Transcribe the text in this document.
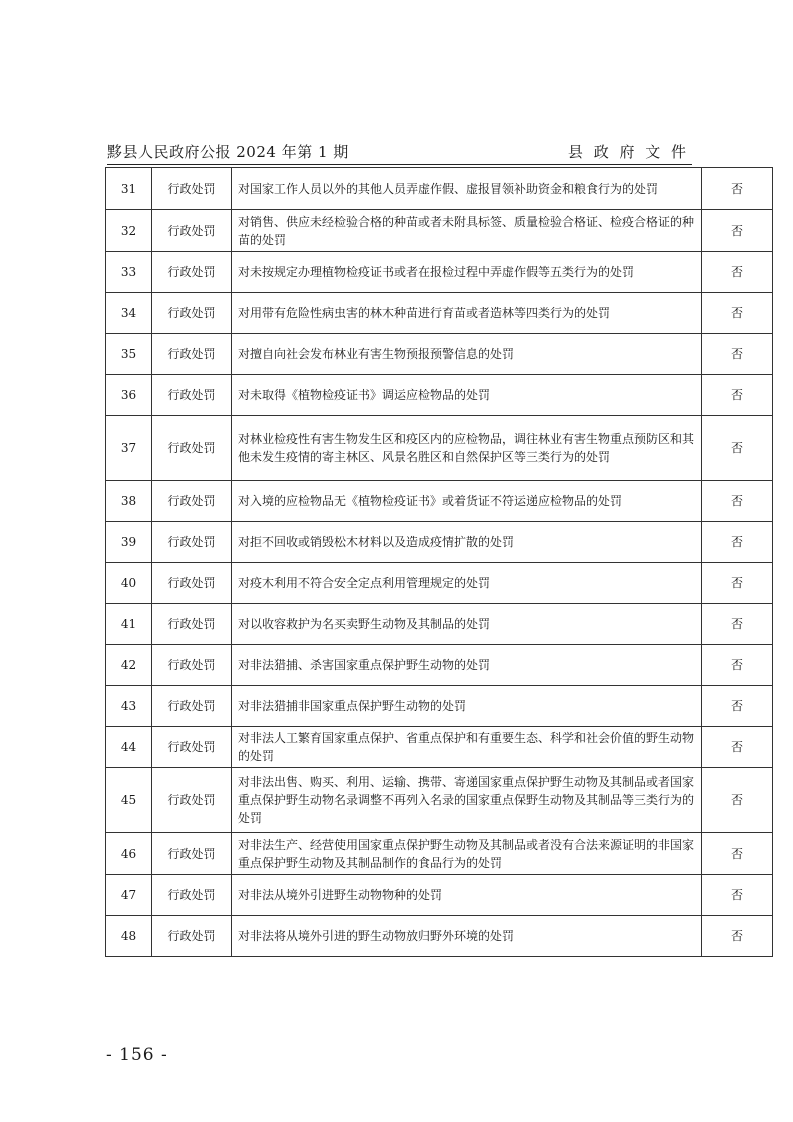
黟县人民政府公报 2024 年第 1 期	县 政 府 文 件
31	行政处罚	对国家工作人员以外的其他人员弄虚作假、虚报冒领补助资金和粮食行为的处罚	否
32	行政处罚	对销售、供应未经检验合格的种苗或者未附具标签、质量检验合格证、检疫合格证的种苗的处罚	否
33	行政处罚	对未按规定办理植物检疫证书或者在报检过程中弄虚作假等五类行为的处罚	否
34	行政处罚	对用带有危险性病虫害的林木种苗进行育苗或者造林等四类行为的处罚	否
35	行政处罚	对擅自向社会发布林业有害生物预报预警信息的处罚	否
36	行政处罚	对未取得《植物检疫证书》调运应检物品的处罚	否
37	行政处罚	对林业检疫性有害生物发生区和疫区内的应检物品，调往林业有害生物重点预防区和其他未发生疫情的寄主林区、风景名胜区和自然保护区等三类行为的处罚	否
38	行政处罚	对入境的应检物品无《植物检疫证书》或着货证不符运递应检物品的处罚	否
39	行政处罚	对拒不回收或销毁松木材料以及造成疫情扩散的处罚	否
40	行政处罚	对疫木利用不符合安全定点利用管理规定的处罚	否
41	行政处罚	对以收容救护为名买卖野生动物及其制品的处罚	否
42	行政处罚	对非法猎捕、杀害国家重点保护野生动物的处罚	否
43	行政处罚	对非法猎捕非国家重点保护野生动物的处罚	否
44	行政处罚	对非法人工繁育国家重点保护、省重点保护和有重要生态、科学和社会价值的野生动物的处罚	否
45	行政处罚	对非法出售、购买、利用、运输、携带、寄递国家重点保护野生动物及其制品或者国家重点保护野生动物名录调整不再列入名录的国家重点保野生动物及其制品等三类行为的处罚	否
46	行政处罚	对非法生产、经营使用国家重点保护野生动物及其制品或者没有合法来源证明的非国家重点保护野生动物及其制品制作的食品行为的处罚	否
47	行政处罚	对非法从境外引进野生动物物种的处罚	否
48	行政处罚	对非法将从境外引进的野生动物放归野外环境的处罚	否
- 156 -
